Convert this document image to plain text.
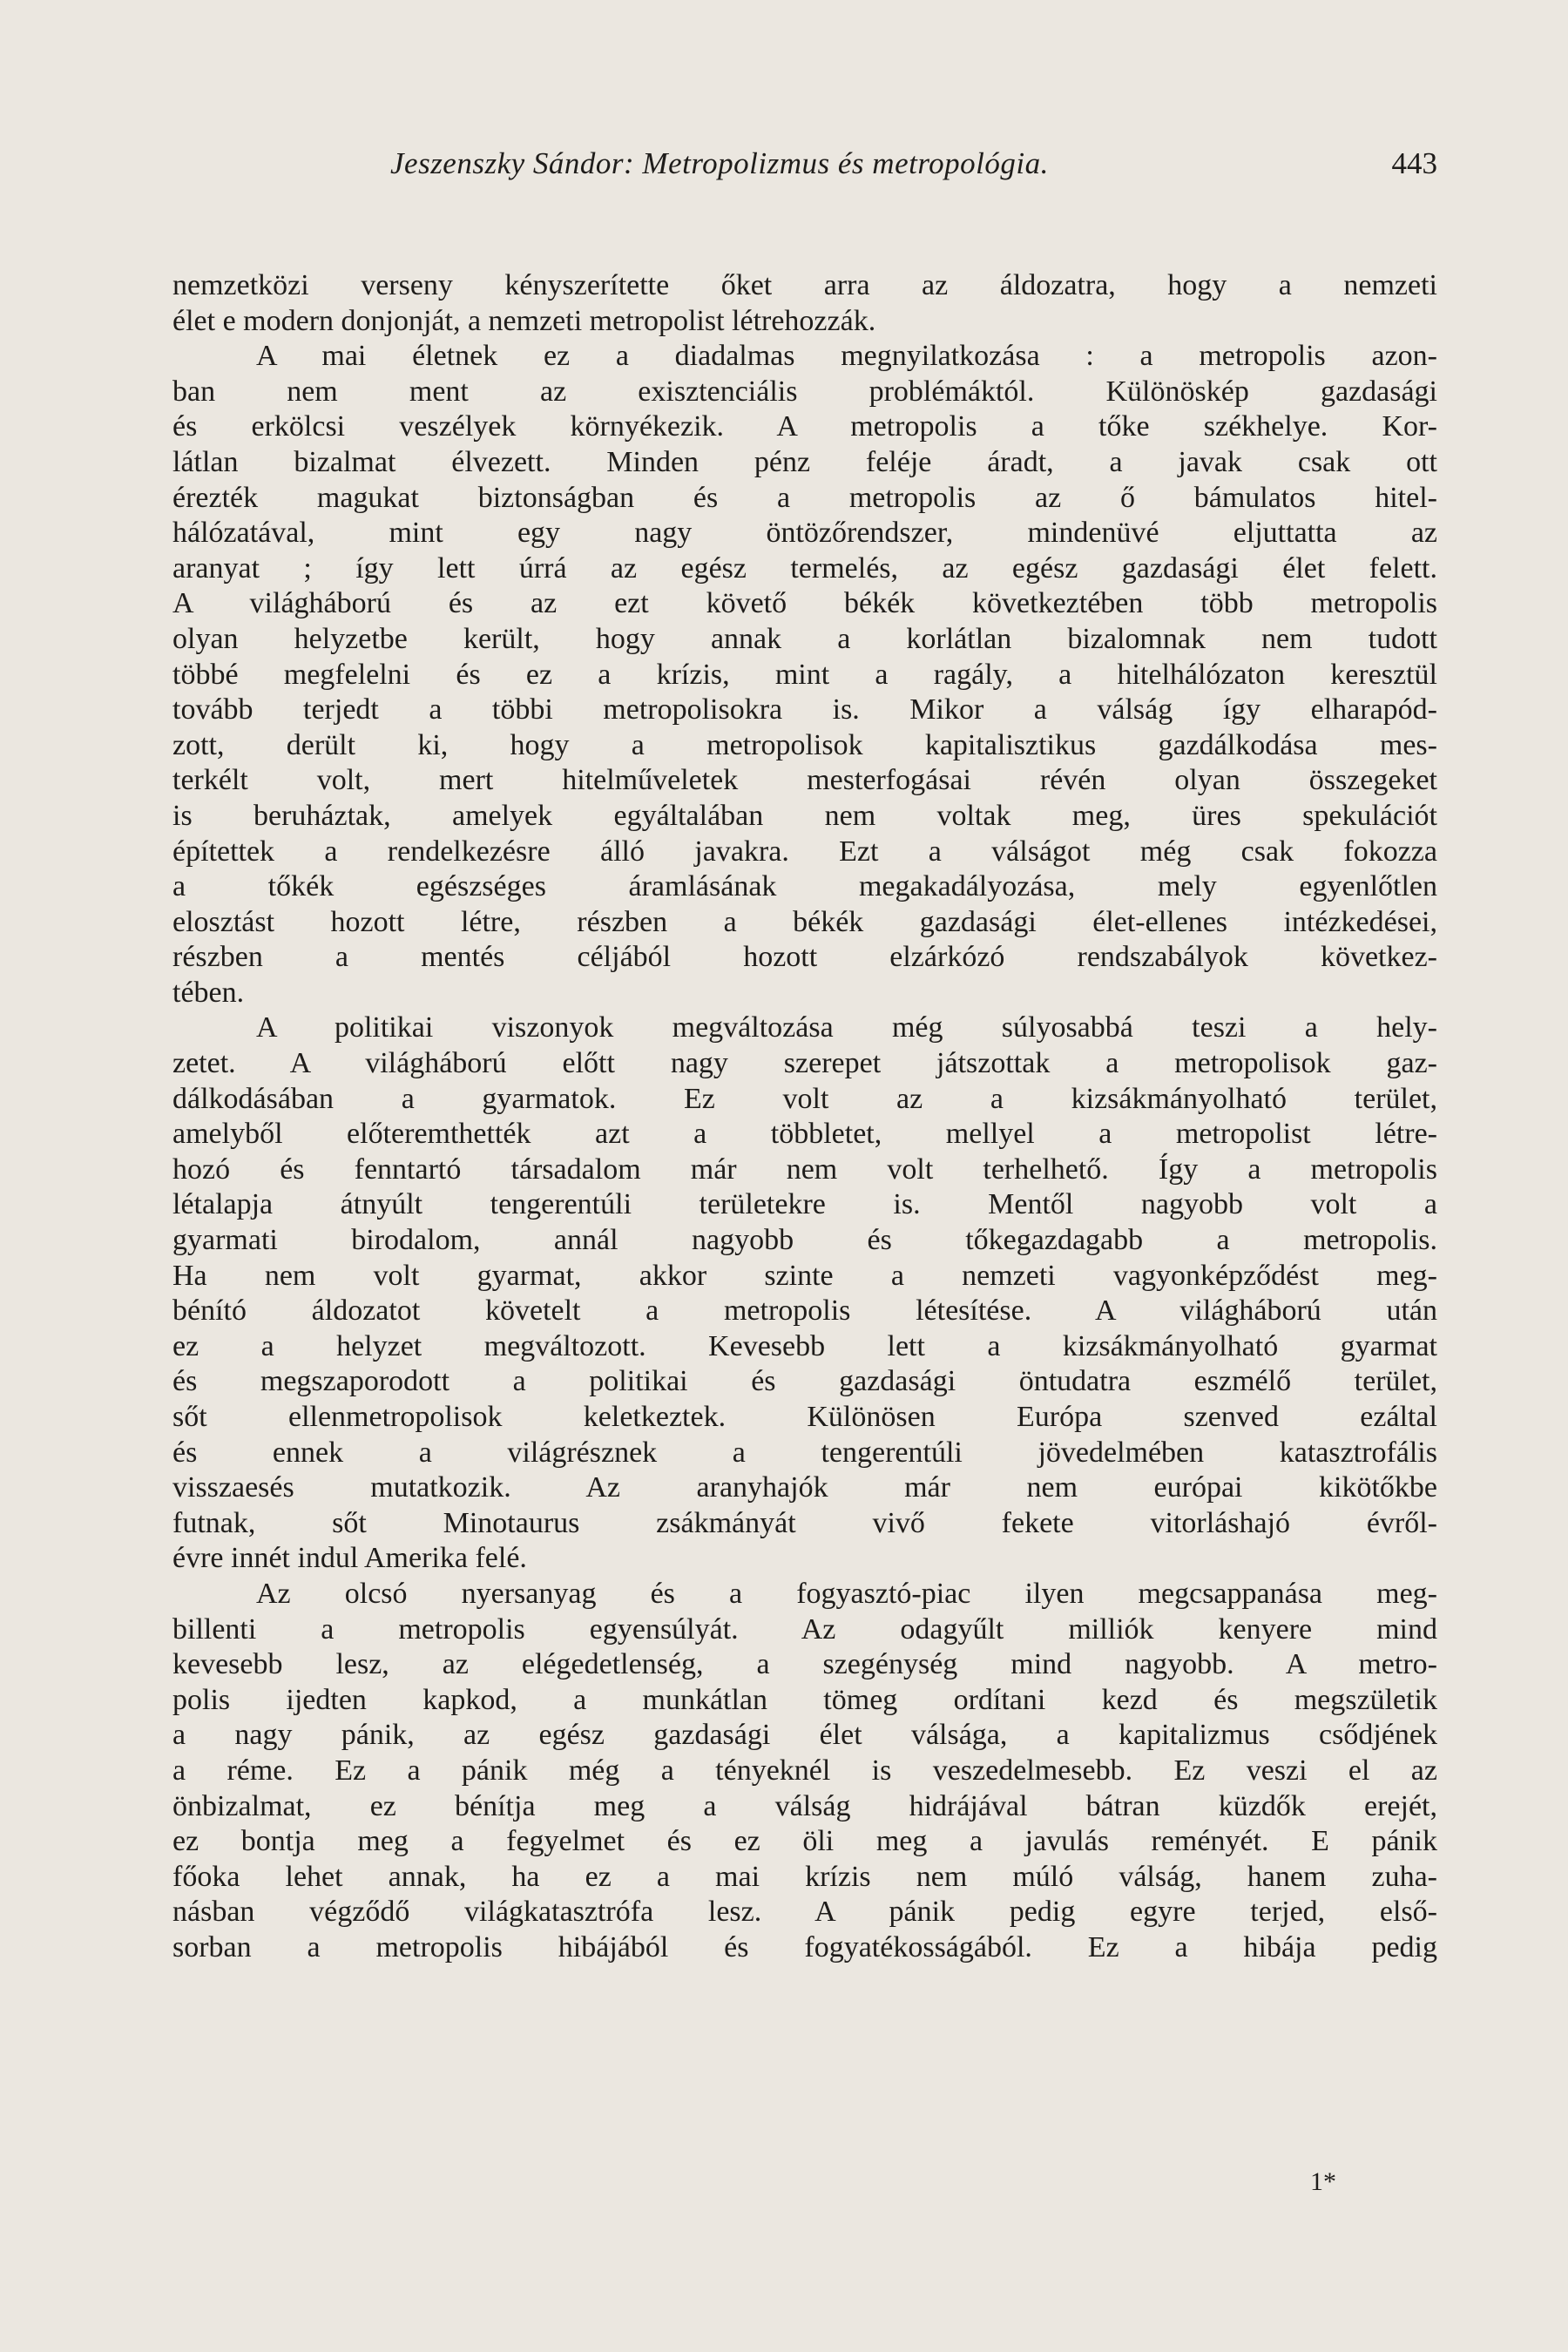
Jeszenszky Sándor: Metropolizmus és metropológia.	443
nemzetközi verseny kényszerítette őket arra az áldozatra, hogy a nemzeti
élet e modern donjonját, a nemzeti metropolist létrehozzák.
A mai életnek ez a diadalmas megnyilatkozása : a metropolis azon-
ban nem ment az exisztenciális problémáktól. Különöskép gazdasági
és erkölcsi veszélyek környékezik. A metropolis a tőke székhelye. Kor-
látlan bizalmat élvezett. Minden pénz feléje áradt, a javak csak ott
érezték magukat biztonságban és a metropolis az ő bámulatos hitel-
hálózatával, mint egy nagy öntözőrendszer, mindenüvé eljuttatta az
aranyat ; így lett úrrá az egész termelés, az egész gazdasági élet felett.
A világháború és az ezt követő békék következtében több metropolis
olyan helyzetbe került, hogy annak a korlátlan bizalomnak nem tudott
többé megfelelni és ez a krízis, mint a ragály, a hitelhálózaton keresztül
tovább terjedt a többi metropolisokra is. Mikor a válság így elharapód-
zott, derült ki, hogy a metropolisok kapitalisztikus gazdálkodása mes-
terkélt volt, mert hitelműveletek mesterfogásai révén olyan összegeket
is beruháztak, amelyek egyáltalában nem voltak meg, üres spekulációt
építettek a rendelkezésre álló javakra. Ezt a válságot még csak fokozza
a tőkék egészséges áramlásának megakadályozása, mely egyenlőtlen
elosztást hozott létre, részben a békék gazdasági élet-ellenes intézkedései,
részben a mentés céljából hozott elzárkózó rendszabályok következ-
tében.
A politikai viszonyok megváltozása még súlyosabbá teszi a hely-
zetet. A világháború előtt nagy szerepet játszottak a metropolisok gaz-
dálkodásában a gyarmatok. Ez volt az a kizsákmányolható terület,
amelyből előteremthették azt a többletet, mellyel a metropolist létre-
hozó és fenntartó társadalom már nem volt terhelhető. Így a metropolis
létalapja átnyúlt tengerentúli területekre is. Mentől nagyobb volt a
gyarmati birodalom, annál nagyobb és tőkegazdagabb a metropolis.
Ha nem volt gyarmat, akkor szinte a nemzeti vagyonképződést meg-
bénító áldozatot követelt a metropolis létesítése. A világháború után
ez a helyzet megváltozott. Kevesebb lett a kizsákmányolható gyarmat
és megszaporodott a politikai és gazdasági öntudatra eszmélő terület,
sőt ellenmetropolisok keletkeztek. Különösen Európa szenved ezáltal
és ennek a világrésznek a tengerentúli jövedelmében katasztrofális
visszaesés mutatkozik. Az aranyhajók már nem európai kikötőkbe
futnak, sőt Minotaurus zsákmányát vivő fekete vitorláshajó évről-
évre innét indul Amerika felé.
Az olcsó nyersanyag és a fogyasztó-piac ilyen megcsappanása meg-
billenti a metropolis egyensúlyát. Az odagyűlt milliók kenyere mind
kevesebb lesz, az elégedetlenség, a szegénység mind nagyobb. A metro-
polis ijedten kapkod, a munkátlan tömeg ordítani kezd és megszületik
a nagy pánik, az egész gazdasági élet válsága, a kapitalizmus csődjének
a réme. Ez a pánik még a tényeknél is veszedelmesebb. Ez veszi el az
önbizalmat, ez bénítja meg a válság hidrájával bátran küzdők erejét,
ez bontja meg a fegyelmet és ez öli meg a javulás reményét. E pánik
főoka lehet annak, ha ez a mai krízis nem múló válság, hanem zuha-
násban végződő világkatasztrófa lesz. A pánik pedig egyre terjed, első-
sorban a metropolis hibájából és fogyatékosságából. Ez a hibája pedig
1*
